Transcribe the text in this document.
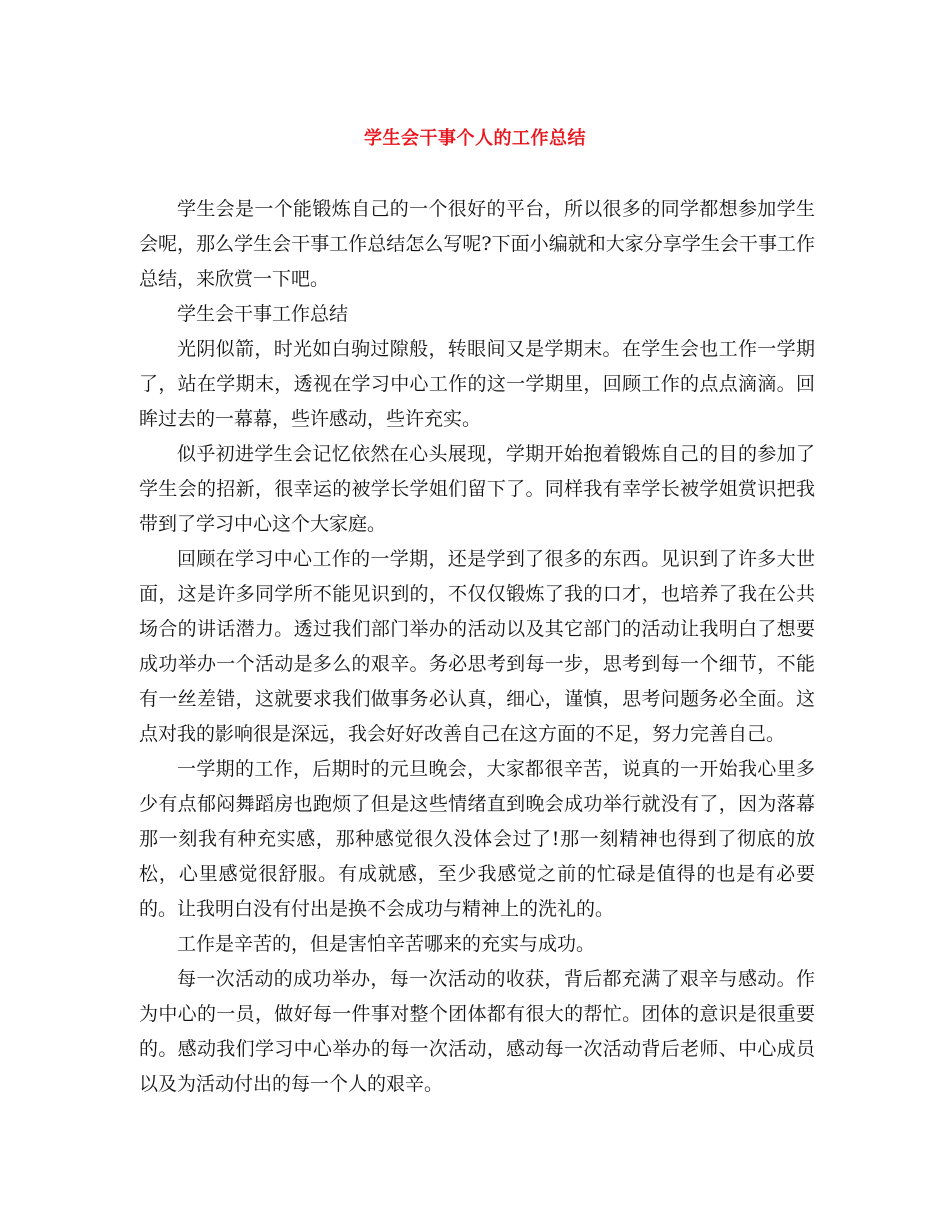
学生会干事个人的工作总结

学生会是一个能锻炼自己的一个很好的平台，所以很多的同学都想参加学生会呢，那么学生会干事工作总结怎么写呢?下面小编就和大家分享学生会干事工作总结，来欣赏一下吧。

学生会干事工作总结

光阴似箭，时光如白驹过隙般，转眼间又是学期末。在学生会也工作一学期了，站在学期末，透视在学习中心工作的这一学期里，回顾工作的点点滴滴。回眸过去的一幕幕，些许感动，些许充实。

似乎初进学生会记忆依然在心头展现，学期开始抱着锻炼自己的目的参加了学生会的招新，很幸运的被学长学姐们留下了。同样我有幸学长被学姐赏识把我带到了学习中心这个大家庭。

回顾在学习中心工作的一学期，还是学到了很多的东西。见识到了许多大世面，这是许多同学所不能见识到的，不仅仅锻炼了我的口才，也培养了我在公共场合的讲话潜力。透过我们部门举办的活动以及其它部门的活动让我明白了想要成功举办一个活动是多么的艰辛。务必思考到每一步，思考到每一个细节，不能有一丝差错，这就要求我们做事务必认真，细心，谨慎，思考问题务必全面。这点对我的影响很是深远，我会好好改善自己在这方面的不足，努力完善自己。

一学期的工作，后期时的元旦晚会，大家都很辛苦，说真的一开始我心里多少有点郁闷舞蹈房也跑烦了但是这些情绪直到晚会成功举行就没有了，因为落幕那一刻我有种充实感，那种感觉很久没体会过了!那一刻精神也得到了彻底的放松，心里感觉很舒服。有成就感，至少我感觉之前的忙碌是值得的也是有必要的。让我明白没有付出是换不会成功与精神上的洗礼的。

工作是辛苦的，但是害怕辛苦哪来的充实与成功。

每一次活动的成功举办，每一次活动的收获，背后都充满了艰辛与感动。作为中心的一员，做好每一件事对整个团体都有很大的帮忙。团体的意识是很重要的。感动我们学习中心举办的每一次活动，感动每一次活动背后老师、中心成员以及为活动付出的每一个人的艰辛。
